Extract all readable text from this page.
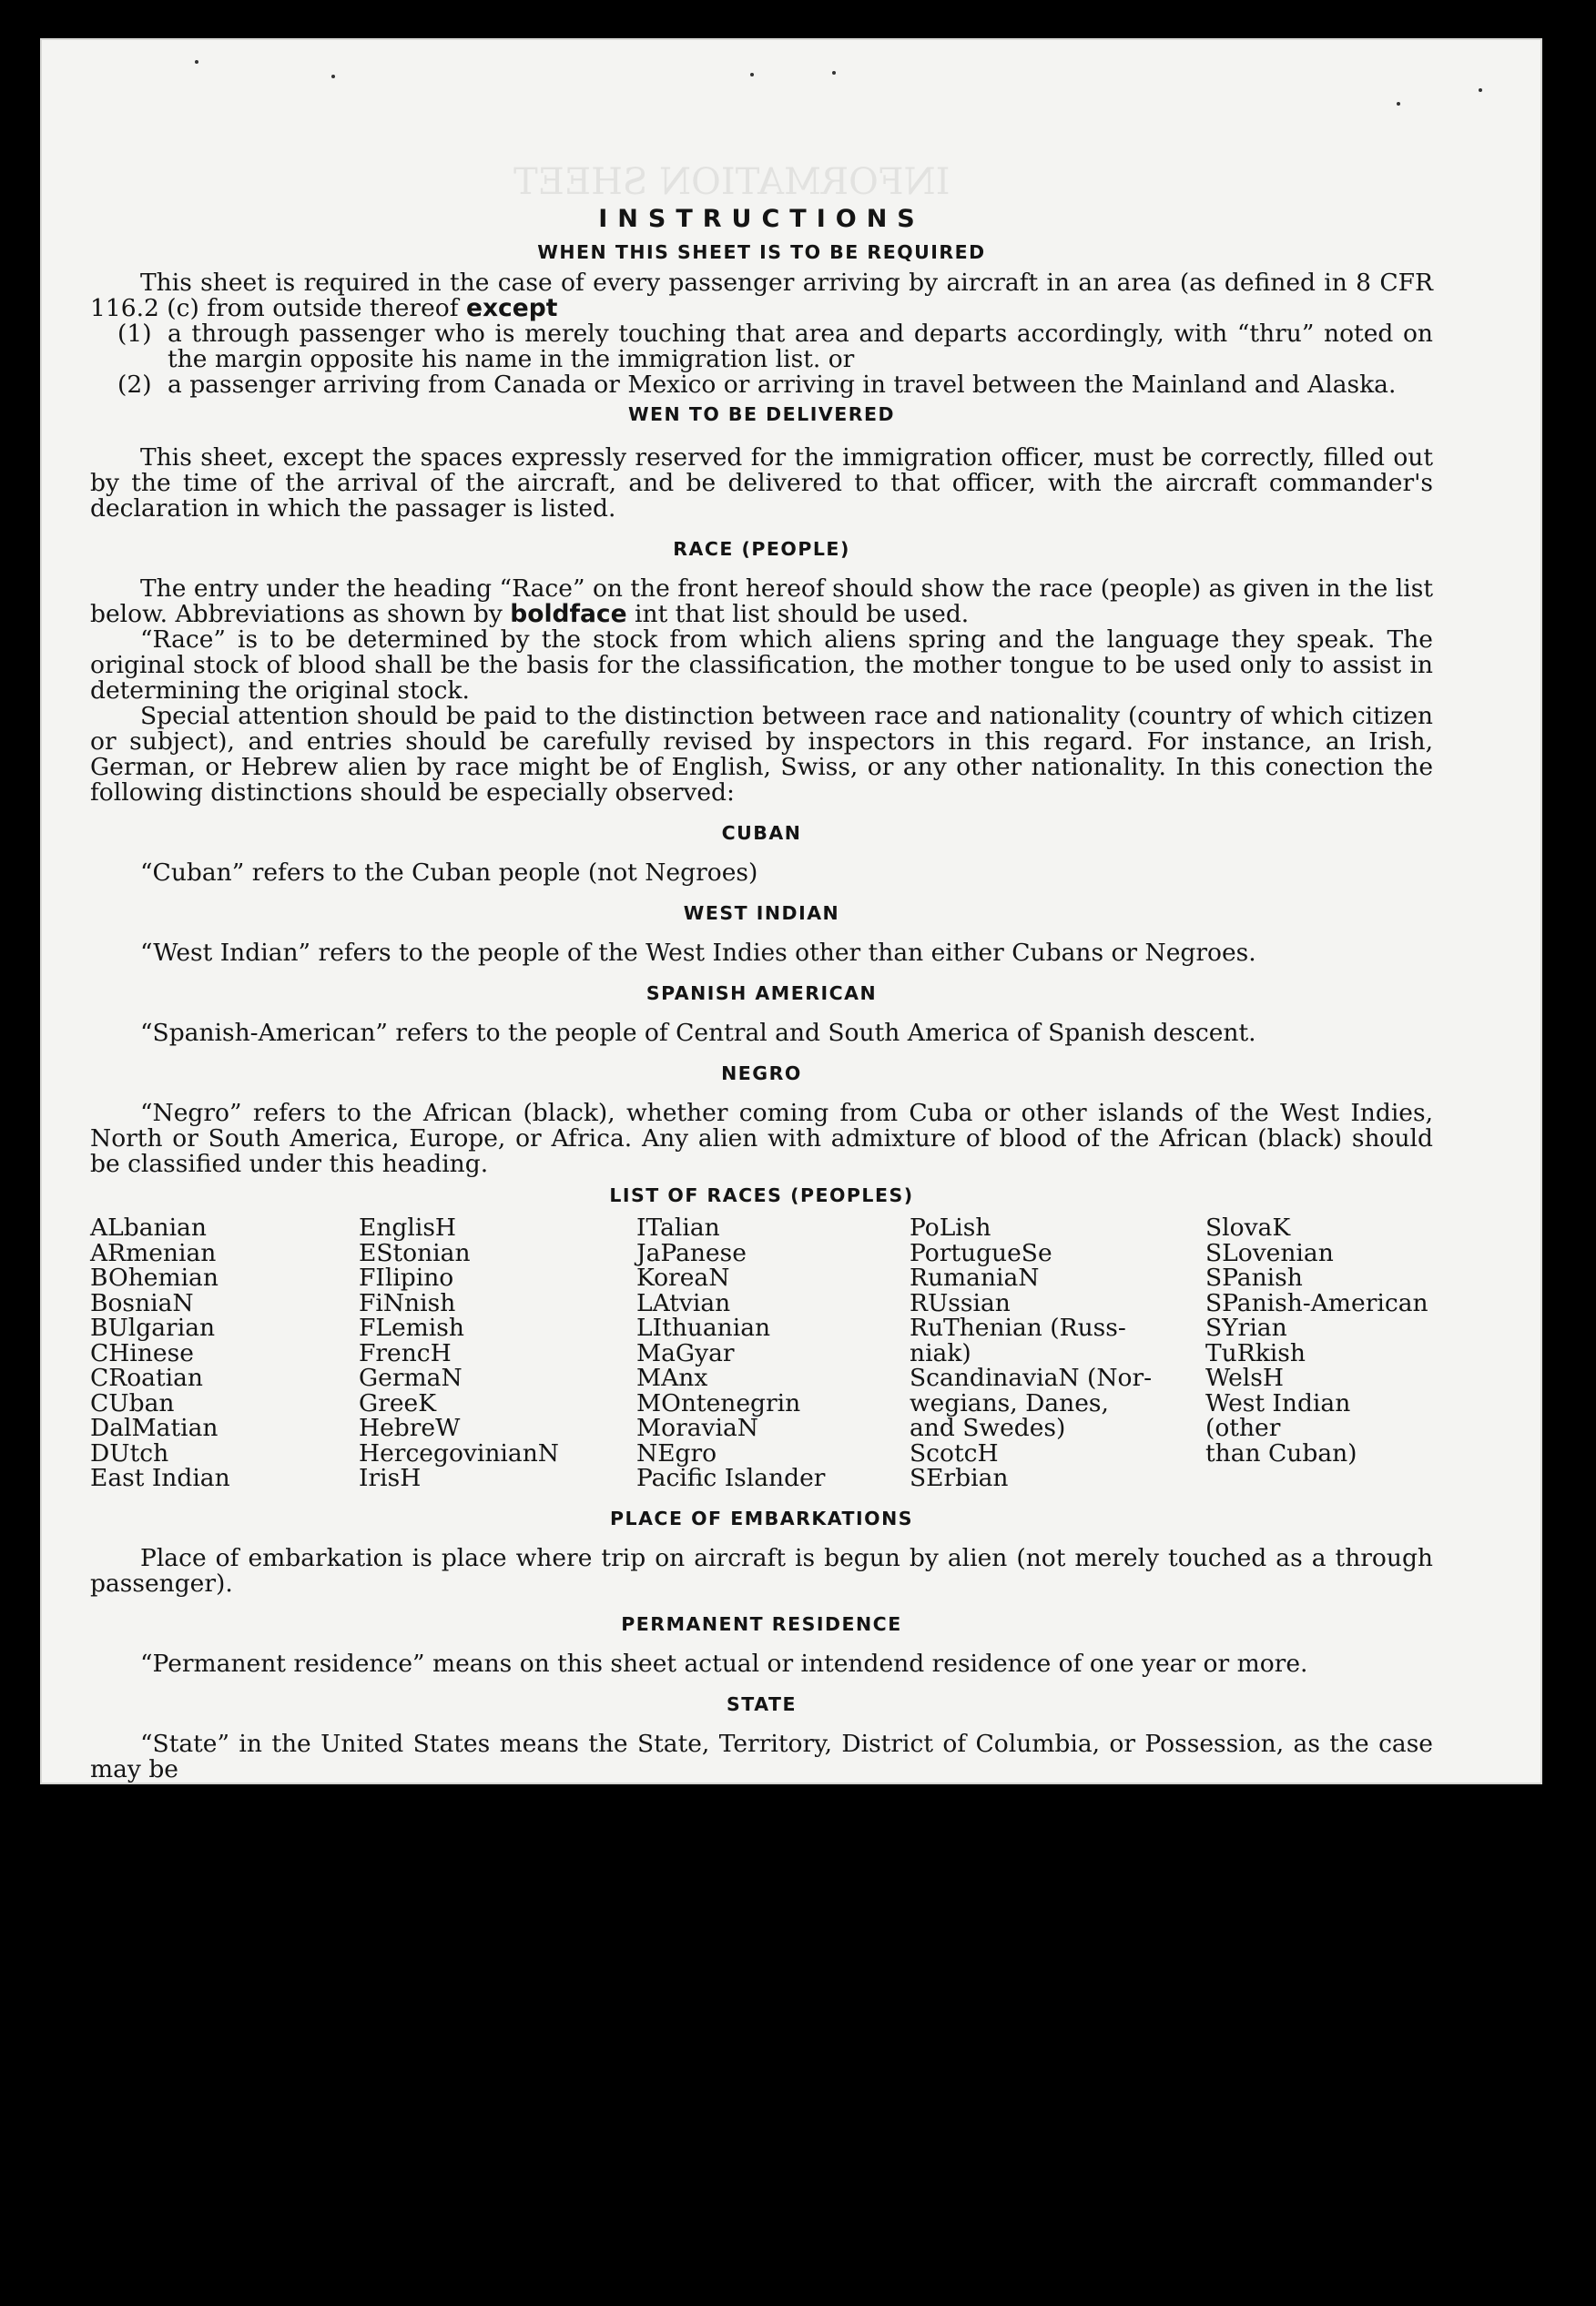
INFORMATION SHEET
INSTRUCTIONS
WHEN THIS SHEET IS TO BE REQUIRED

This sheet is required in the case of every passenger arriving by aircraft in an area (as defined in 8 CFR 116.2 (c) from outside thereof except

(1) a through passenger who is merely touching that area and departs accordingly, with “thru” noted on the margin opposite his name in the immigration list. or
(2) a passenger arriving from Canada or Mexico or arriving in travel between the Mainland and Alaska.
WEN TO BE DELIVERED

This sheet, except the spaces expressly reserved for the immigration officer, must be correctly, filled out by the time of the arrival of the aircraft, and be delivered to that officer, with the aircraft commander's declaration in which the passager is listed.

RACE (PEOPLE)

The entry under the heading “Race” on the front hereof should show the race (people) as given in the list below. Abbreviations as shown by boldface int that list should be used.

“Race” is to be determined by the stock from which aliens spring and the language they speak. The original stock of blood shall be the basis for the classification, the mother tongue to be used only to assist in determining the original stock.

Special attention should be paid to the distinction between race and nationality (country of which citizen or subject), and entries should be carefully revised by inspectors in this regard. For instance, an Irish, German, or Hebrew alien by race might be of English, Swiss, or any other nationality. In this conection the following distinctions should be especially observed:

CUBAN

“Cuban” refers to the Cuban people (not Negroes)

WEST INDIAN

“West Indian” refers to the people of the West Indies other than either Cubans or Negroes.

SPANISH AMERICAN

“Spanish-American” refers to the people of Central and South America of Spanish descent.

NEGRO

“Negro” refers to the African (black), whether coming from Cuba or other islands of the West Indies, North or South America, Europe, or Africa. Any alien with admixture of blood of the African (black) should be classified under this heading.

LIST OF RACES (PEOPLES)
ALbanian
ARmenian
BOhemian
BosniaN
BUlgarian
CHinese
CRoatian
CUban
DalMatian
DUtch
East Indian
EnglisH
EStonian
FIlipino
FiNnish
FLemish
FrencH
GermaN
GreeK
HebreW
HercegovinianN
IrisH
ITalian
JaPanese
KoreaN
LAtvian
LIthuanian
MaGyar
MAnx
MOntenegrin
MoraviaN
NEgro
Pacific Islander
PoLish
PortugueSe
RumaniaN
RUssian
RuThenian (Russ-
niak)
ScandinaviaN (Nor-
wegians, Danes,
and Swedes)
ScotcH
SErbian
SlovaK
SLovenian
SPanish
SPanish-American
SYrian
TuRkish
WelsH
West Indian (other
than Cuban)
PLACE OF EMBARKATIONS

Place of embarkation is place where trip on aircraft is begun by alien (not merely touched as a through passenger).

PERMANENT RESIDENCE

“Permanent residence” means on this sheet actual or intendend residence of one year or more.

STATE

“State” in the United States means the State, Territory, District of Columbia, or Possession, as the case may be
